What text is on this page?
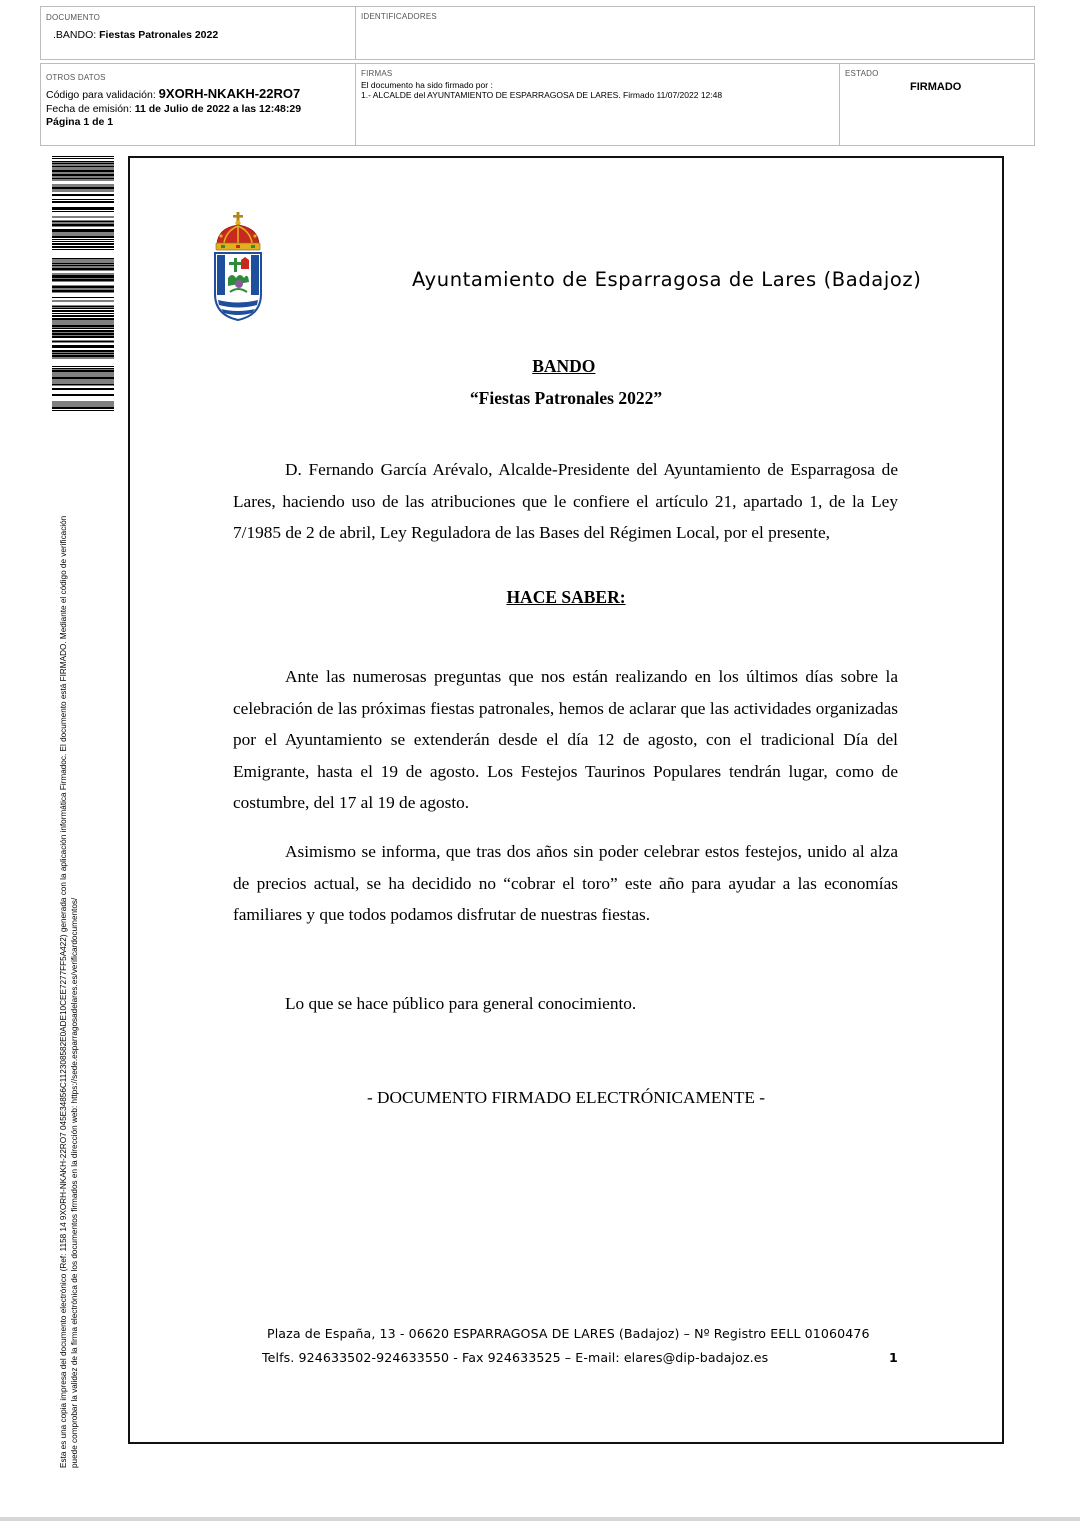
DOCUMENTO
.BANDO: Fiestas Patronales 2022
IDENTIFICADORES
OTROS DATOS
Código para validación: 9XORH-NKAKH-22RO7
Fecha de emisión: 11 de Julio de 2022 a las 12:48:29
Página 1 de 1
FIRMAS
El documento ha sido firmado por :
1.- ALCALDE del AYUNTAMIENTO DE ESPARRAGOSA DE LARES. Firmado 11/07/2022 12:48
ESTADO
FIRMADO
Esta es una copia impresa del documento electrónico (Ref: 1158 14 9XORH-NKAKH-22RO7 045E34856C112308582E0ADE10CEE7277FF5A422) generada con la aplicación informática Firmadoc. El documento está FIRMADO. Mediante el código de verificación puede comprobar la validez de la firma electrónica de los documentos firmados en la dirección web: https://sede.esparragosadelares.es/verificardocumentos/
Ayuntamiento de Esparragosa de Lares (Badajoz)
BANDO
“Fiestas Patronales 2022”

D. Fernando García Arévalo, Alcalde-Presidente del Ayuntamiento de Esparragosa de Lares, haciendo uso de las atribuciones que le confiere el artículo 21, apartado 1, de la Ley 7/1985 de 2 de abril, Ley Reguladora de las Bases del Régimen Local, por el presente,

HACE SABER:

Ante las numerosas preguntas que nos están realizando en los últimos días sobre la celebración de las próximas fiestas patronales, hemos de aclarar que las actividades organizadas por el Ayuntamiento se extenderán desde el día 12 de agosto, con el tradicional Día del Emigrante, hasta el 19 de agosto. Los Festejos Taurinos Populares tendrán lugar, como de costumbre, del 17 al 19 de agosto.

Asimismo se informa, que tras dos años sin poder celebrar estos festejos, unido al alza de precios actual, se ha decidido no “cobrar el toro” este año para ayudar a las economías familiares y que todos podamos disfrutar de nuestras fiestas.

Lo que se hace público para general conocimiento.

- DOCUMENTO FIRMADO ELECTRÓNICAMENTE -
Plaza de España, 13 - 06620 ESPARRAGOSA DE LARES (Badajoz) – Nº Registro EELL 01060476
Telfs. 924633502-924633550 - Fax 924633525 – E-mail: elares@dip-badajoz.es	1
